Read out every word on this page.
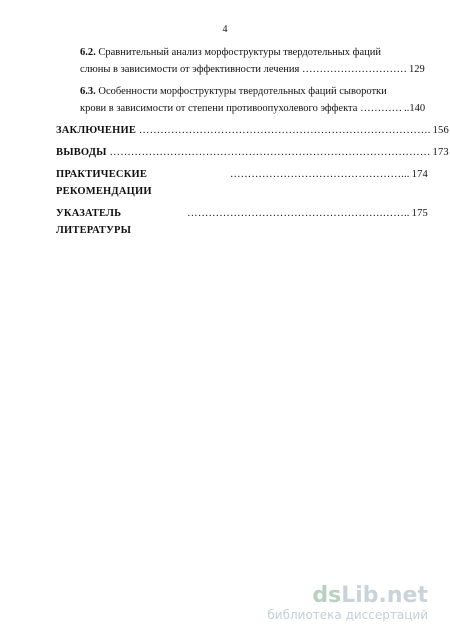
4
6.2. Сравнительный анализ морфоструктуры твердотельных фаций
слюны в зависимости от эффективности лечения ………………………… 129
6.3. Особенности морфоструктуры твердотельных фаций сыворотки
крови в зависимости от степени противоопухолевого эффекта ………… ..140
ЗАКЛЮЧЕНИЕ
………………………………………………………………………. 156
ВЫВОДЫ
……………………………………………………………………………… 173
ПРАКТИЧЕСКИЕ РЕКОМЕНДАЦИИ

…………………………………………... 174
УКАЗАТЕЛЬ ЛИТЕРАТУРЫ

……………………………………………….…….. 175
dsLib.net
библиотека диссертаций
